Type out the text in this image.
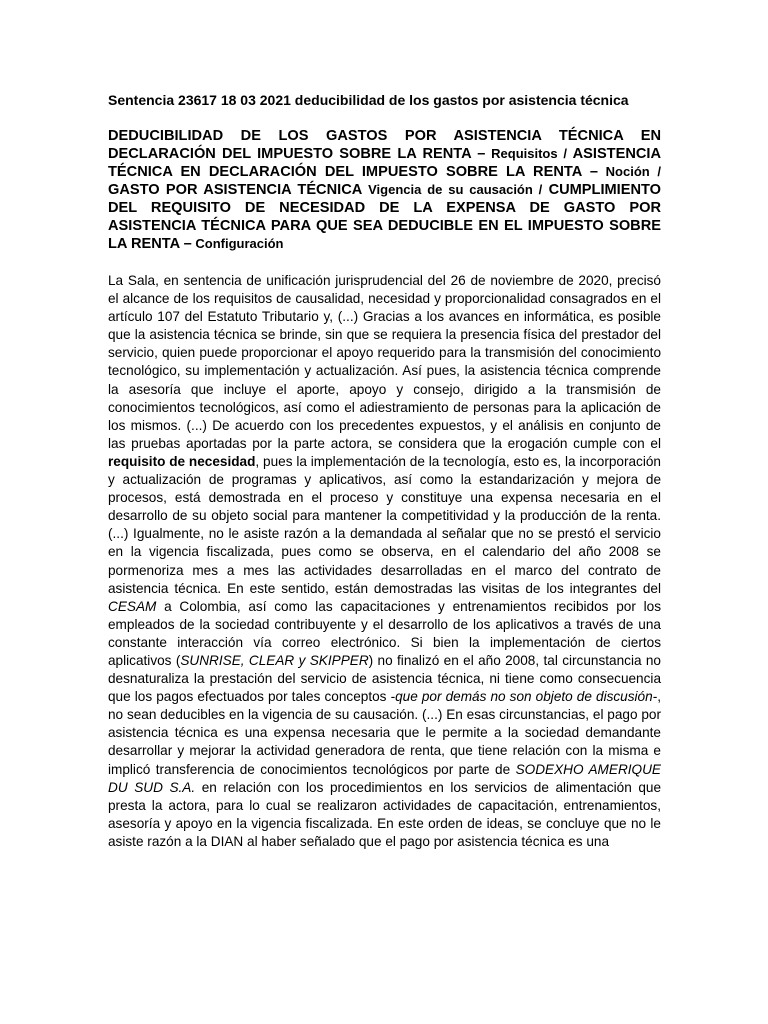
Sentencia 23617 18 03 2021 deducibilidad de los gastos por asistencia técnica

DEDUCIBILIDAD DE LOS GASTOS POR ASISTENCIA TÉCNICA EN DECLARACIÓN DEL IMPUESTO SOBRE LA RENTA – Requisitos / ASISTENCIA TÉCNICA EN DECLARACIÓN DEL IMPUESTO SOBRE LA RENTA – Noción / GASTO POR ASISTENCIA TÉCNICA Vigencia de su causación / CUMPLIMIENTO DEL REQUISITO DE NECESIDAD DE LA EXPENSA DE GASTO POR ASISTENCIA TÉCNICA PARA QUE SEA DEDUCIBLE EN EL IMPUESTO SOBRE LA RENTA – Configuración

La Sala, en sentencia de unificación jurisprudencial del 26 de noviembre de 2020, precisó el alcance de los requisitos de causalidad, necesidad y proporcionalidad consagrados en el artículo 107 del Estatuto Tributario y, (...) Gracias a los avances en informática, es posible que la asistencia técnica se brinde, sin que se requiera la presencia física del prestador del servicio, quien puede proporcionar el apoyo requerido para la transmisión del conocimiento tecnológico, su implementación y actualización. Así pues, la asistencia técnica comprende la asesoría que incluye el aporte, apoyo y consejo, dirigido a la transmisión de conocimientos tecnológicos, así como el adiestramiento de personas para la aplicación de los mismos. (...) De acuerdo con los precedentes expuestos, y el análisis en conjunto de las pruebas aportadas por la parte actora, se considera que la erogación cumple con el requisito de necesidad, pues la implementación de la tecnología, esto es, la incorporación y actualización de programas y aplicativos, así como la estandarización y mejora de procesos, está demostrada en el proceso y constituye una expensa necesaria en el desarrollo de su objeto social para mantener la competitividad y la producción de la renta. (...) Igualmente, no le asiste razón a la demandada al señalar que no se prestó el servicio en la vigencia fiscalizada, pues como se observa, en el calendario del año 2008 se pormenoriza mes a mes las actividades desarrolladas en el marco del contrato de asistencia técnica. En este sentido, están demostradas las visitas de los integrantes del CESAM a Colombia, así como las capacitaciones y entrenamientos recibidos por los empleados de la sociedad contribuyente y el desarrollo de los aplicativos a través de una constante interacción vía correo electrónico. Si bien la implementación de ciertos aplicativos (SUNRISE, CLEAR y SKIPPER) no finalizó en el año 2008, tal circunstancia no desnaturaliza la prestación del servicio de asistencia técnica, ni tiene como consecuencia que los pagos efectuados por tales conceptos -que por demás no son objeto de discusión-, no sean deducibles en la vigencia de su causación. (...) En esas circunstancias, el pago por asistencia técnica es una expensa necesaria que le permite a la sociedad demandante desarrollar y mejorar la actividad generadora de renta, que tiene relación con la misma e implicó transferencia de conocimientos tecnológicos por parte de SODEXHO AMERIQUE DU SUD S.A. en relación con los procedimientos en los servicios de alimentación que presta la actora, para lo cual se realizaron actividades de capacitación, entrenamientos, asesoría y apoyo en la vigencia fiscalizada. En este orden de ideas, se concluye que no le asiste razón a la DIAN al haber señalado que el pago por asistencia técnica es una
